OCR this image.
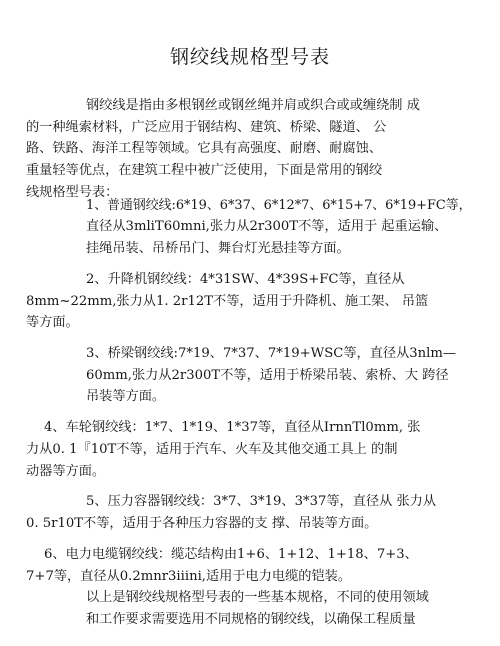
钢绞线规格型号表
钢绞线是指由多根钢丝或钢丝绳并肩或织合或或缠绕制 成
的一种绳索材料，广泛应用于钢结构、建筑、桥梁、隧道、 公
路、铁路、海洋工程等领域。它具有高强度、耐磨、耐腐蚀、
重量轻等优点，在建筑工程中被广泛使用，下面是常用的钢绞
线规格型号表：
1、普通钢绞线:6*19、6*37、6*12*7、6*15+7、6*19+FC等，
直径从3mliT60mni,张力从2r300T不等，适用于 起重运输、
挂绳吊装、吊桥吊门、舞台灯光悬挂等方面。
2、升降机钢绞线：4*31SW、4*39S+FC等，直径从
8mm~22mm,张力从1. 2r12T不等，适用于升降机、施工架、 吊篮
等方面。
3、桥梁钢绞线:7*19、7*37、7*19+WSC等，直径从3nlm—
60mm,张力从2r300T不等，适用于桥梁吊装、索桥、大 跨径
吊装等方面。
4、车轮钢绞线：1*7、1*19、1*37等，直径从IrnnTl0mm, 张
力从0. 1『10T不等，适用于汽车、火车及其他交通工具上 的制
动器等方面。
5、压力容器钢绞线：3*7、3*19、3*37等，直径从 张力从
0. 5r10T不等，适用于各种压力容器的支 撑、吊装等方面。
6、电力电缆钢绞线：缆芯结构由1+6、1+12、1+18、7+3、
7+7等，直径从0.2mnr3iiini,适用于电力电缆的铠装。
以上是钢绞线规格型号表的一些基本规格，不同的使用领域
和工作要求需要选用不同规格的钢绞线，以确保工程质量
